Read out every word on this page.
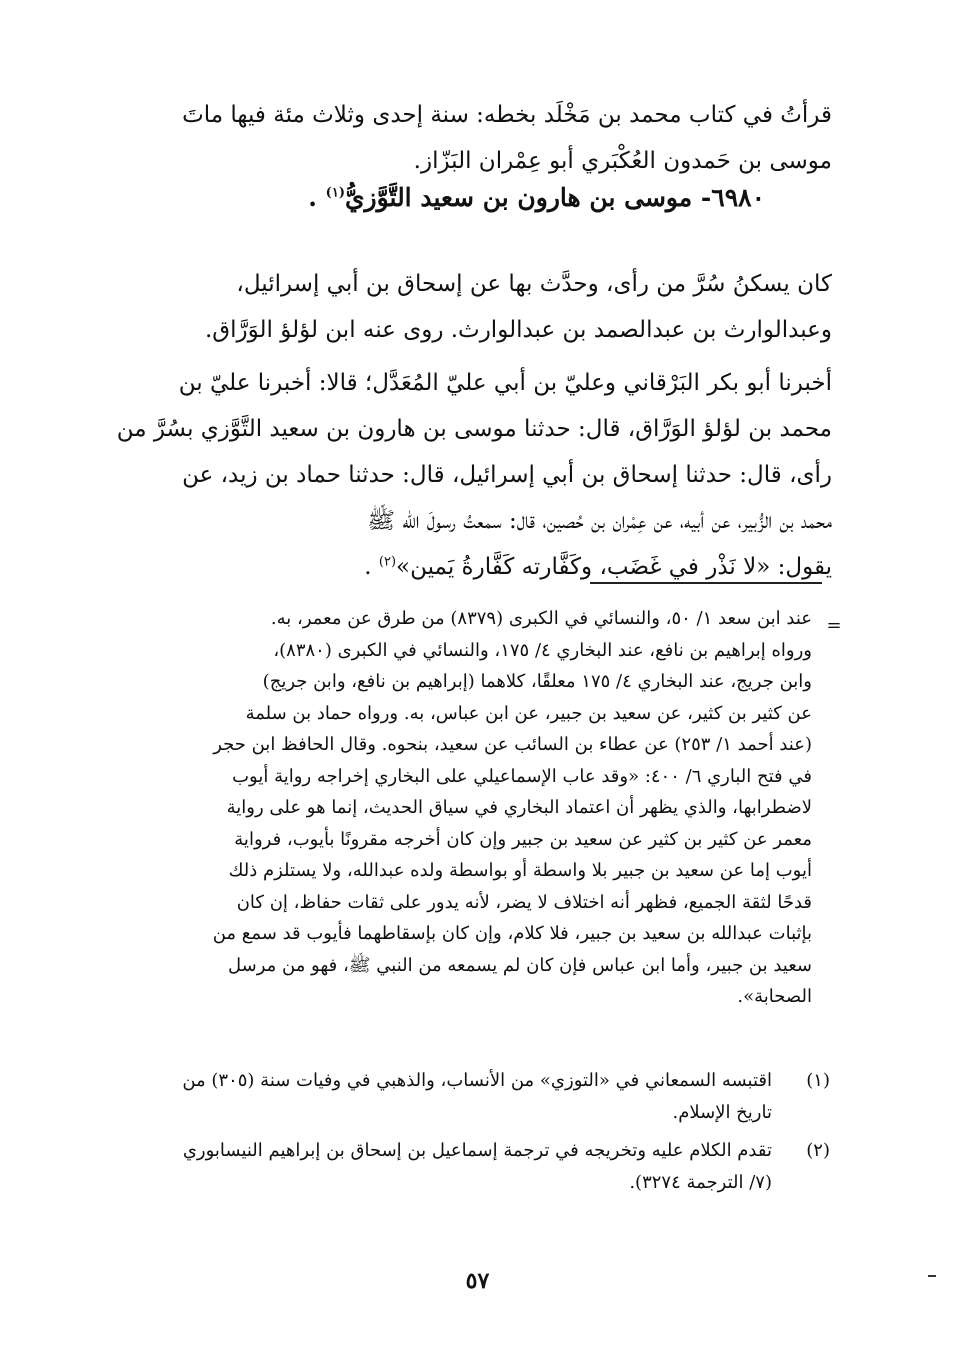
قرأتُ في كتاب محمد بن مَخْلَد بخطه: سنة إحدى وثلاث مئة فيها ماتَ
موسى بن حَمدون العُكْبَري أبو عِمْران البَزّاز.
٦٩٨٠- موسى بن هارون بن سعيد التَّوَّزيُّ$^{(١)}$ .
كان يسكنُ سُرَّ من رأى، وحدَّث بها عن إسحاق بن أبي إسرائيل،
وعبدالوارث بن عبدالصمد بن عبدالوارث. روى عنه ابن لؤلؤ الوَرَّاق.
أخبرنا أبو بكر البَرْقاني وعليّ بن أبي عليّ المُعَدَّل؛ قالا: أخبرنا عليّ بن
محمد بن لؤلؤ الوَرَّاق، قال: حدثنا موسى بن هارون بن سعيد التَّوَّزي بسُرَّ من
رأى، قال: حدثنا إسحاق بن أبي إسرائيل، قال: حدثنا حماد بن زيد، عن
محمد بن الزُّبير، عن أبيه، عن عِمْران بن حُصين، قال: سمعتُ رسولَ الله ﷺ
يقول: «لا نَذْر في غَضَب، وكَفَّارته كَفَّارةُ يَمين»$^{(٢)}$ .
=
عند ابن سعد ١/ ٥٠، والنسائي في الكبرى (٨٣٧٩) من طرق عن معمر، به.
ورواه إبراهيم بن نافع، عند البخاري ٤/ ١٧٥، والنسائي في الكبرى (٨٣٨٠)،
وابن جريج، عند البخاري ٤/ ١٧٥ معلقًا، كلاهما (إبراهيم بن نافع، وابن جريج)
عن كثير بن كثير، عن سعيد بن جبير، عن ابن عباس، به. ورواه حماد بن سلمة
(عند أحمد ١/ ٢٥٣) عن عطاء بن السائب عن سعيد، بنحوه. وقال الحافظ ابن حجر
في فتح الباري ٦/ ٤٠٠: «وقد عاب الإسماعيلي على البخاري إخراجه رواية أيوب
لاضطرابها، والذي يظهر أن اعتماد البخاري في سياق الحديث، إنما هو على رواية
معمر عن كثير بن كثير عن سعيد بن جبير وإن كان أخرجه مقرونًا بأيوب، فرواية
أيوب إما عن سعيد بن جبير بلا واسطة أو بواسطة ولده عبدالله، ولا يستلزم ذلك
قدحًا لثقة الجميع، فظهر أنه اختلاف لا يضر، لأنه يدور على ثقات حفاظ، إن كان
بإثبات عبدالله بن سعيد بن جبير، فلا كلام، وإن كان بإسقاطهما فأيوب قد سمع من
سعيد بن جبير، وأما ابن عباس فإن كان لم يسمعه من النبي ﷺ، فهو من مرسل
الصحابة».
(١)
اقتبسه السمعاني في «التوزي» من الأنساب، والذهبي في وفيات سنة (٣٠٥) من
تاريخ الإسلام.
(٢)
تقدم الكلام عليه وتخريجه في ترجمة إسماعيل بن إسحاق بن إبراهيم النيسابوري
(٧/ الترجمة ٣٢٧٤).
٥٧
